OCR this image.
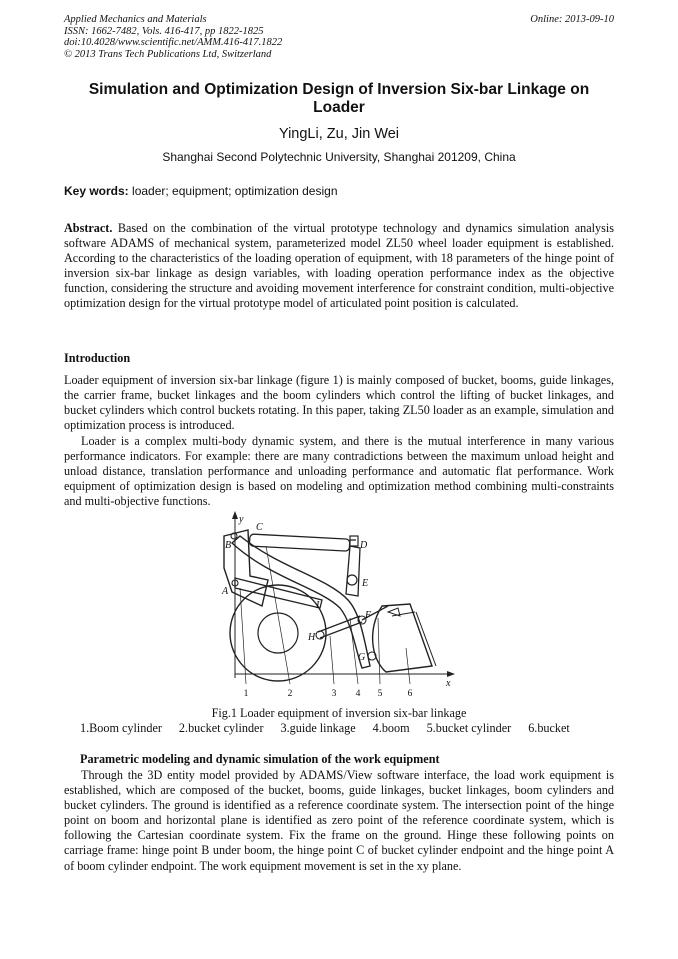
Applied Mechanics and Materials
ISSN: 1662-7482, Vols. 416-417, pp 1822-1825
doi:10.4028/www.scientific.net/AMM.416-417.1822
© 2013 Trans Tech Publications Ltd, Switzerland
Online: 2013-09-10
Simulation and Optimization Design of Inversion Six-bar Linkage on Loader
YingLi, Zu, Jin Wei
Shanghai Second Polytechnic University, Shanghai 201209, China
Key words: loader; equipment; optimization design
Abstract. Based on the combination of the virtual prototype technology and dynamics simulation analysis software ADAMS of mechanical system, parameterized model ZL50 wheel loader equipment is established. According to the characteristics of the loading operation of equipment, with 18 parameters of the hinge point of inversion six-bar linkage as design variables, with loading operation performance index as the objective function, considering the structure and avoiding movement interference for constraint condition, multi-objective optimization design for the virtual prototype model of articulated point position is calculated.
Introduction
Loader equipment of inversion six-bar linkage (figure 1) is mainly composed of bucket, booms, guide linkages, the carrier frame, bucket linkages and the boom cylinders which control the lifting of bucket linkages, and bucket cylinders which control buckets rotating. In this paper, taking ZL50 loader as an example, simulation and optimization process is introduced.
Loader is a complex multi-body dynamic system, and there is the mutual interference in many various performance indicators. For example: there are many contradictions between the maximum unload height and unload distance, translation performance and unloading performance and automatic flat performance. Work equipment of optimization design is based on modeling and optimization method combining multi-constraints and multi-objective functions.
y
C
B	D
E
A
I
F
H
G
x
1	2	3 4 5	6
Fig.1 Loader equipment of inversion six-bar linkage
1.Boom cylinder 2.bucket cylinder 3.guide linkage 4.boom 5.bucket cylinder 6.bucket
Parametric modeling and dynamic simulation of the work equipment
Through the 3D entity model provided by ADAMS/View software interface, the load work equipment is established, which are composed of the bucket, booms, guide linkages, bucket linkages, boom cylinders and bucket cylinders. The ground is identified as a reference coordinate system. The intersection point of the hinge point on boom and horizontal plane is identified as zero point of the reference coordinate system, which is following the Cartesian coordinate system. Fix the frame on the ground. Hinge these following points on carriage frame: hinge point B under boom, the hinge point C of bucket cylinder endpoint and the hinge point A of boom cylinder endpoint. The work equipment movement is set in the xy plane.
